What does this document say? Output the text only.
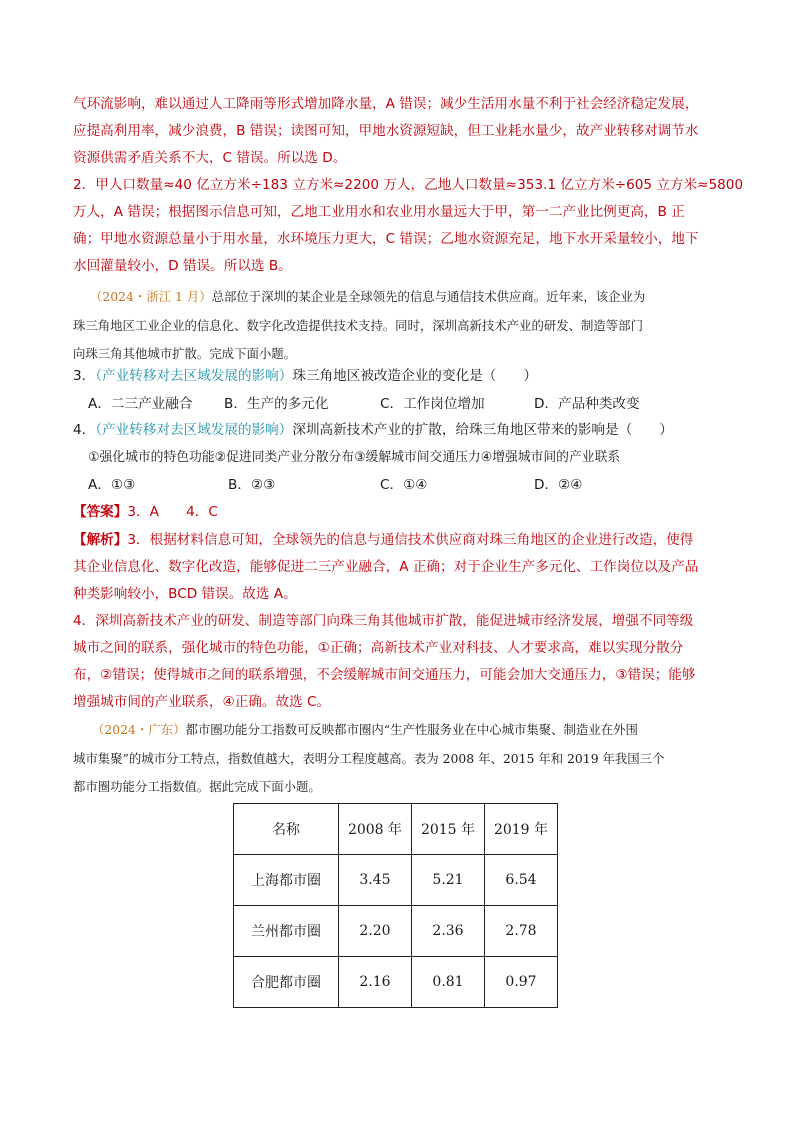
气环流影响，难以通过人工降雨等形式增加降水量，A 错误；减少生活用水量不利于社会经济稳定发展，
应提高利用率，减少浪费，B 错误；读图可知，甲地水资源短缺，但工业耗水量少，故产业转移对调节水
资源供需矛盾关系不大，C 错误。所以选 D。
2．甲人口数量≈40 亿立方米÷183 立方米≈2200 万人，乙地人口数量≈353.1 亿立方米÷605 立方米≈5800
万人，A 错误；根据图示信息可知，乙地工业用水和农业用水量远大于甲，第一二产业比例更高，B 正
确；甲地水资源总量小于用水量，水环境压力更大，C 错误；乙地水资源充足，地下水开采量较小，地下
水回灌量较小，D 错误。所以选 B。
（2024・浙江 1 月）总部位于深圳的某企业是全球领先的信息与通信技术供应商。近年来，该企业为
珠三角地区工业企业的信息化、数字化改造提供技术支持。同时，深圳高新技术产业的研发、制造等部门
向珠三角其他城市扩散。完成下面小题。
3．（产业转移对去区域发展的影响）珠三角地区被改造企业的变化是（　　）
A．二三产业融合 B．生产的多元化	C．工作岗位增加	D．产品种类改变
4．（产业转移对去区域发展的影响）深圳高新技术产业的扩散，给珠三角地区带来的影响是（　　）
①强化城市的特色功能②促进同类产业分散分布③缓解城市间交通压力④增强城市间的产业联系
A．①③	B．②③	C．①④	D．②④
【答案】3．A　　4．C
【解析】3．根据材料信息可知，全球领先的信息与通信技术供应商对珠三角地区的企业进行改造，使得
其企业信息化、数字化改造，能够促进二三产业融合，A 正确；对于企业生产多元化、工作岗位以及产品
种类影响较小，BCD 错误。故选 A。
4．深圳高新技术产业的研发、制造等部门向珠三角其他城市扩散，能促进城市经济发展，增强不同等级
城市之间的联系，强化城市的特色功能，①正确；高新技术产业对科技、人才要求高，难以实现分散分
布，②错误；使得城市之间的联系增强，不会缓解城市间交通压力，可能会加大交通压力，③错误；能够
增强城市间的产业联系，④正确。故选 C。
（2024・广东）都市圈功能分工指数可反映都市圈内“生产性服务业在中心城市集聚、制造业在外围
城市集聚”的城市分工特点，指数值越大，表明分工程度越高。表为 2008 年、2015 年和 2019 年我国三个
都市圈功能分工指数值。据此完成下面小题。
名称	2008 年	2015 年	2019 年
上海都市圈	3.45	5.21	6.54
兰州都市圈	2.20	2.36	2.78
合肥都市圈	2.16	0.81	0.97
